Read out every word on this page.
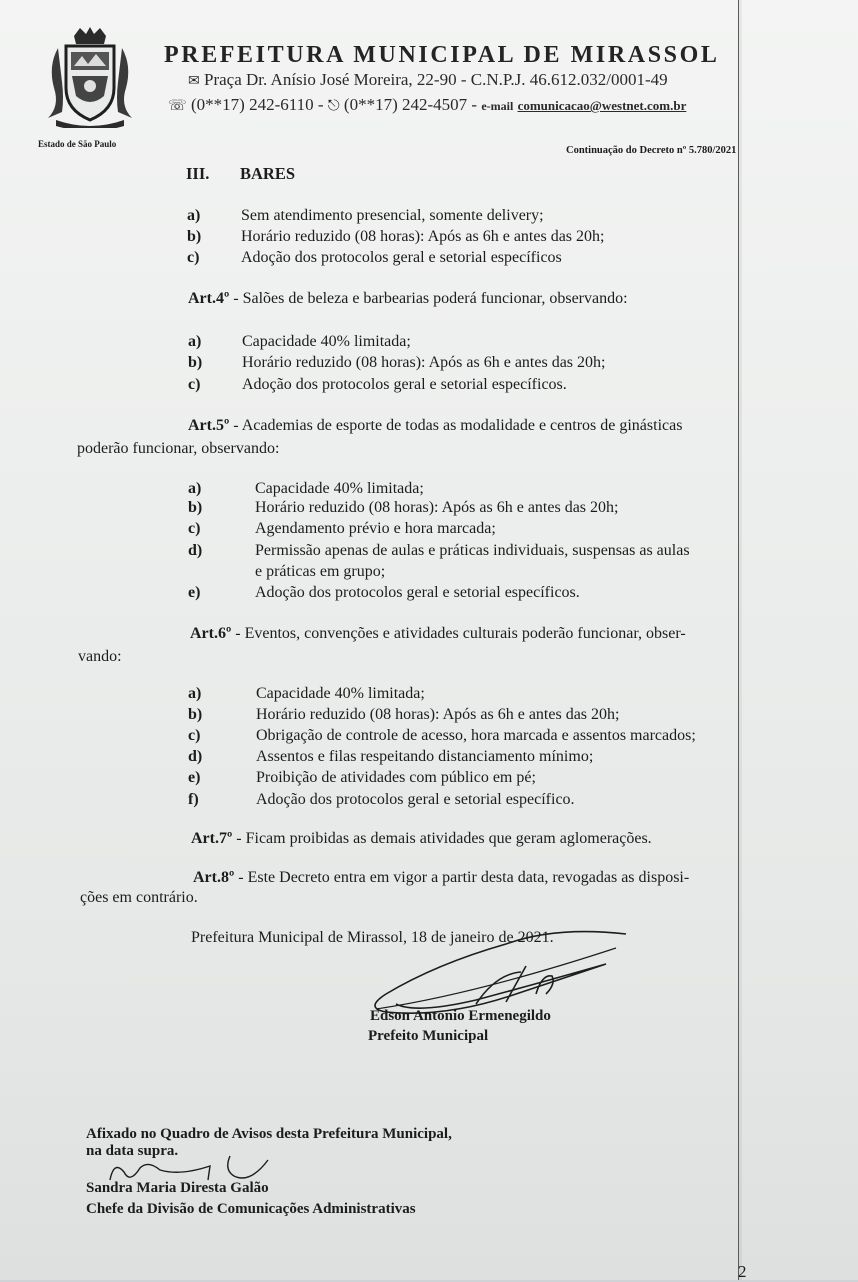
PREFEITURA MUNICIPAL DE MIRASSOL
✉ Praça Dr. Anísio José Moreira, 22-90 - C.N.P.J. 46.612.032/0001-49
☏ (0**17) 242-6110 - ⎋ (0**17) 242-4507 - e-mail comunicacao@westnet.com.br
Estado de São Paulo
Continuação do Decreto nº 5.780/2021
III. BARES
a)	Sem atendimento presencial, somente delivery;
b) Horário reduzido (08 horas): Após as 6h e antes das 20h;
c)	Adoção dos protocolos geral e setorial específicos
Art.4º - Salões de beleza e barbearias poderá funcionar, observando:
a)	Capacidade 40% limitada;
b) Horário reduzido (08 horas): Após as 6h e antes das 20h;
c)	Adoção dos protocolos geral e setorial específicos.
Art.5º - Academias de esporte de todas as modalidade e centros de ginásticas
poderão funcionar, observando:
a)	Capacidade 40% limitada;
b)	Horário reduzido (08 horas): Após as 6h e antes das 20h;
c)	Agendamento prévio e hora marcada;
d)	Permissão apenas de aulas e práticas individuais, suspensas as aulas
e práticas em grupo;
e)	Adoção dos protocolos geral e setorial específicos.
Art.6º - Eventos, convenções e atividades culturais poderão funcionar, obser-
vando:
a)	Capacidade 40% limitada;
b)	Horário reduzido (08 horas): Após as 6h e antes das 20h;
c)	Obrigação de controle de acesso, hora marcada e assentos marcados;
d)	Assentos e filas respeitando distanciamento mínimo;
e)	Proibição de atividades com público em pé;
f)	Adoção dos protocolos geral e setorial específico.
Art.7º - Ficam proibidas as demais atividades que geram aglomerações.
Art.8º - Este Decreto entra em vigor a partir desta data, revogadas as disposi-
ções em contrário.
Prefeitura Municipal de Mirassol, 18 de janeiro de 2021.
Edson Antonio Ermenegildo
Prefeito Municipal
Afixado no Quadro de Avisos desta Prefeitura Municipal,
na data supra.
Sandra Maria Diresta Galão
Chefe da Divisão de Comunicações Administrativas
2
